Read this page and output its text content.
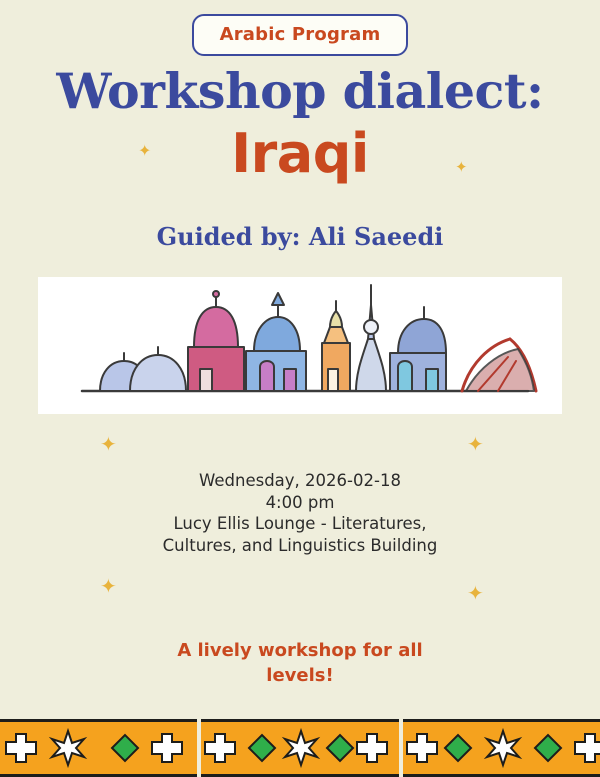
Arabic Program
Workshop dialect:
Iraqi
Guided by: Ali Saeedi
✦
✦
✦	✦
✦	✦
Wednesday, 2026-02-18
4:00 pm
Lucy Ellis Lounge - Literatures,
Cultures, and Linguistics Building
A lively workshop for all
levels!
